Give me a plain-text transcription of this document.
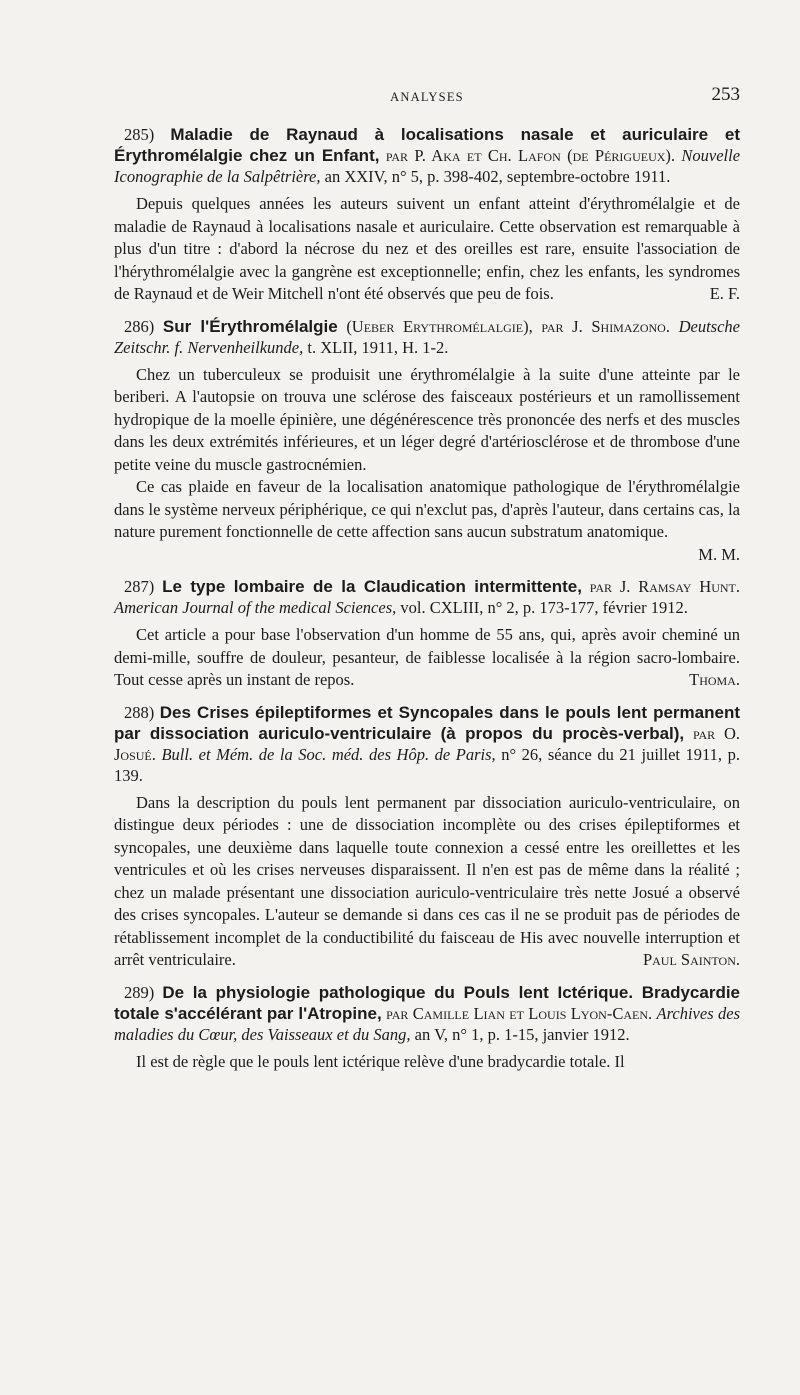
ANALYSES	253

285) Maladie de Raynaud à localisations nasale et auriculaire et Érythromélalgie chez un Enfant, par P. Aka et Ch. Lafon (de Périgueux). Nouvelle Iconographie de la Salpêtrière, an XXIV, n° 5, p. 398-402, septembre-octobre 1911.

Depuis quelques années les auteurs suivent un enfant atteint d'érythromélalgie et de maladie de Raynaud à localisations nasale et auriculaire. Cette observation est remarquable à plus d'un titre : d'abord la nécrose du nez et des oreilles est rare, ensuite l'association de l'hérythromélalgie avec la gangrène est exceptionnelle; enfin, chez les enfants, les syndromes de Raynaud et de Weir Mitchell n'ont été observés que peu de fois.	E. F.

286) Sur l'Érythromélalgie (Ueber Erythromélalgie), par J. Shimazono. Deutsche Zeitschr. f. Nervenheilkunde, t. XLII, 1911, H. 1-2.

Chez un tuberculeux se produisit une érythromélalgie à la suite d'une atteinte par le beriberi. A l'autopsie on trouva une sclérose des faisceaux postérieurs et un ramollissement hydropique de la moelle épinière, une dégénérescence très prononcée des nerfs et des muscles dans les deux extrémités inférieures, et un léger degré d'artériosclérose et de thrombose d'une petite veine du muscle gastrocnémien.

Ce cas plaide en faveur de la localisation anatomique pathologique de l'érythromélalgie dans le système nerveux périphérique, ce qui n'exclut pas, d'après l'auteur, dans certains cas, la nature purement fonctionnelle de cette affection sans aucun substratum anatomique.
M. M.

287) Le type lombaire de la Claudication intermittente, par J. Ramsay Hunt. American Journal of the medical Sciences, vol. CXLIII, n° 2, p. 173-177, février 1912.

Cet article a pour base l'observation d'un homme de 55 ans, qui, après avoir cheminé un demi-mille, souffre de douleur, pesanteur, de faiblesse localisée à la région sacro-lombaire. Tout cesse après un instant de repos.	Thoma.

288) Des Crises épileptiformes et Syncopales dans le pouls lent permanent par dissociation auriculo-ventriculaire (à propos du procès-verbal), par O. Josué. Bull. et Mém. de la Soc. méd. des Hôp. de Paris, n° 26, séance du 21 juillet 1911, p. 139.

Dans la description du pouls lent permanent par dissociation auriculo-ventriculaire, on distingue deux périodes : une de dissociation incomplète ou des crises épileptiformes et syncopales, une deuxième dans laquelle toute connexion a cessé entre les oreillettes et les ventricules et où les crises nerveuses disparaissent. Il n'en est pas de même dans la réalité ; chez un malade présentant une dissociation auriculo-ventriculaire très nette Josué a observé des crises syncopales. L'auteur se demande si dans ces cas il ne se produit pas de périodes de rétablissement incomplet de la conductibilité du faisceau de His avec nouvelle interruption et arrêt ventriculaire.	Paul Sainton.

289) De la physiologie pathologique du Pouls lent Ictérique. Bradycardie totale s'accélérant par l'Atropine, par Camille Lian et Louis Lyon-Caen. Archives des maladies du Cœur, des Vaisseaux et du Sang, an V, n° 1, p. 1-15, janvier 1912.

Il est de règle que le pouls lent ictérique relève d'une bradycardie totale. Il
